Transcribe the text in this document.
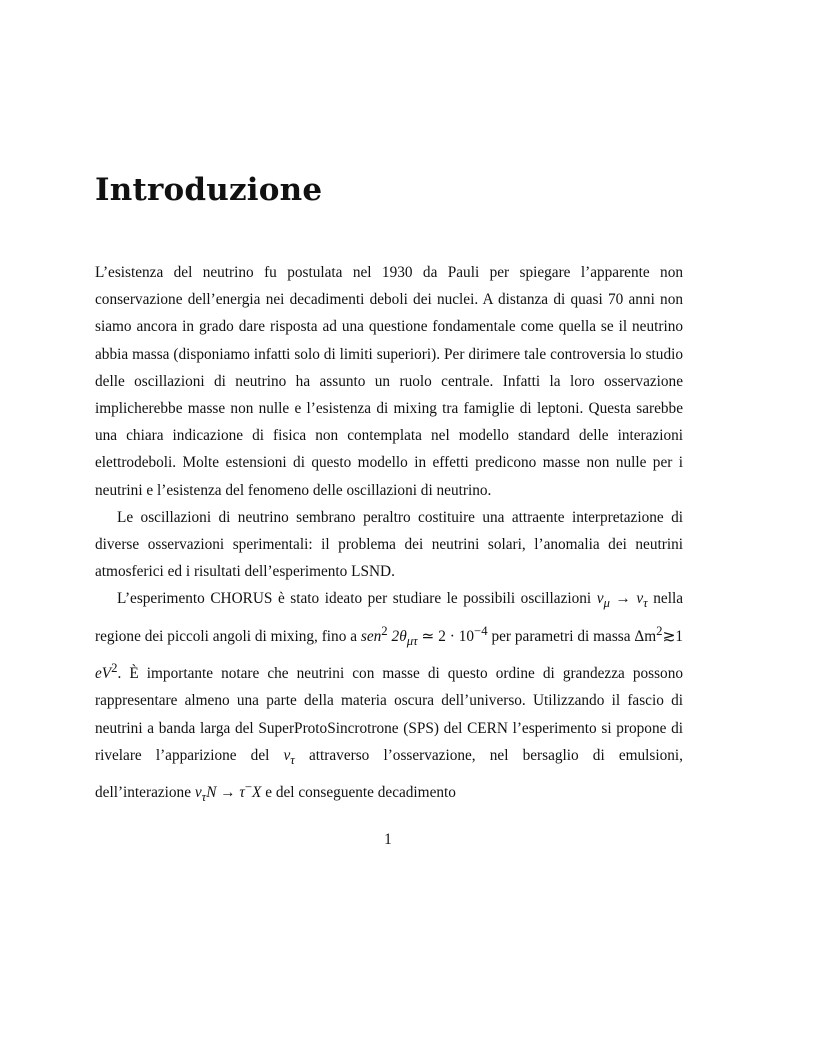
Introduzione

L’esistenza del neutrino fu postulata nel 1930 da Pauli per spiegare l’apparente non conservazione dell’energia nei decadimenti deboli dei nuclei. A distanza di quasi 70 anni non siamo ancora in grado dare risposta ad una questione fondamentale come quella se il neutrino abbia massa (disponiamo infatti solo di limiti superiori). Per dirimere tale controversia lo studio delle oscillazioni di neutrino ha assunto un ruolo centrale. Infatti la loro osservazione implicherebbe masse non nulle e l’esistenza di mixing tra famiglie di leptoni. Questa sarebbe una chiara indicazione di fisica non contemplata nel modello standard delle interazioni elettrodeboli. Molte estensioni di questo modello in effetti predicono masse non nulle per i neutrini e l’esistenza del fenomeno delle oscillazioni di neutrino.

Le oscillazioni di neutrino sembrano peraltro costituire una attraente interpretazione di diverse osservazioni sperimentali: il problema dei neutrini solari, l’anomalia dei neutrini atmosferici ed i risultati dell’esperimento LSND.

L’esperimento CHORUS è stato ideato per studiare le possibili oscillazioni $\nu_\mu \to \nu_\tau$ nella regione dei piccoli angoli di mixing, fino a sen$^2$ $2\theta_{\mu\tau}$ ≃ $2 \cdot 10^{-4}$ per parametri di massa $\Delta m^2≳1$ $eV^2$. È importante notare che neutrini con masse di questo ordine di grandezza possono rappresentare almeno una parte della materia oscura dell’universo. Utilizzando il fascio di neutrini a banda larga del SuperProtoSincrotrone (SPS) del CERN l’esperimento si propone di rivelare l’apparizione del $\nu_\tau$ attraverso l’osservazione, nel bersaglio di emulsioni, dell’interazione $\nu_\tau N \to \tau^-X$ e del conseguente decadimento

1
